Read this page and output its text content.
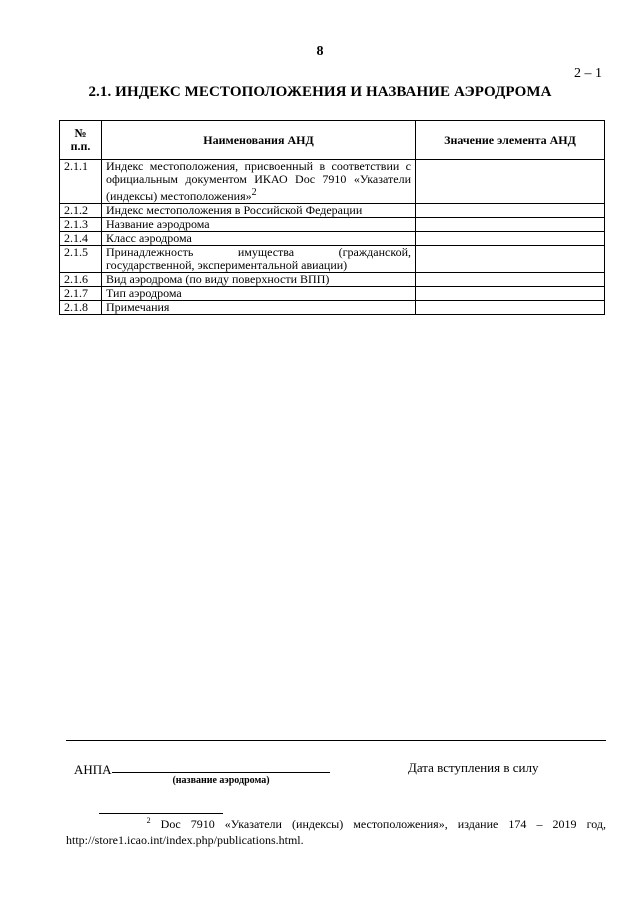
8
2 – 1
2.1. ИНДЕКС МЕСТОПОЛОЖЕНИЯ И НАЗВАНИЕ АЭРОДРОМА
№ п.п.	Наименования АНД	Значение элемента АНД
2.1.1	Индекс местоположения, присвоенный в соответствии с официальным документом ИКАО Doc 7910 «Указатели (индексы) местоположения»$^2$	
2.1.2	Индекс местоположения в Российской Федерации	
2.1.3	Название аэродрома	
2.1.4	Класс аэродрома	
2.1.5	Принадлежность имущества (гражданской, государственной, экспериментальной авиации)	
2.1.6	Вид аэродрома (по виду поверхности ВПП)	
2.1.7	Тип аэродрома	
2.1.8	Примечания	
АНПА
(название аэродрома)
Дата вступления в силу
$^2$ Doc 7910 «Указатели (индексы) местоположения», издание 174 – 2019 год, http://store1.icao.int/index.php/publications.html.
